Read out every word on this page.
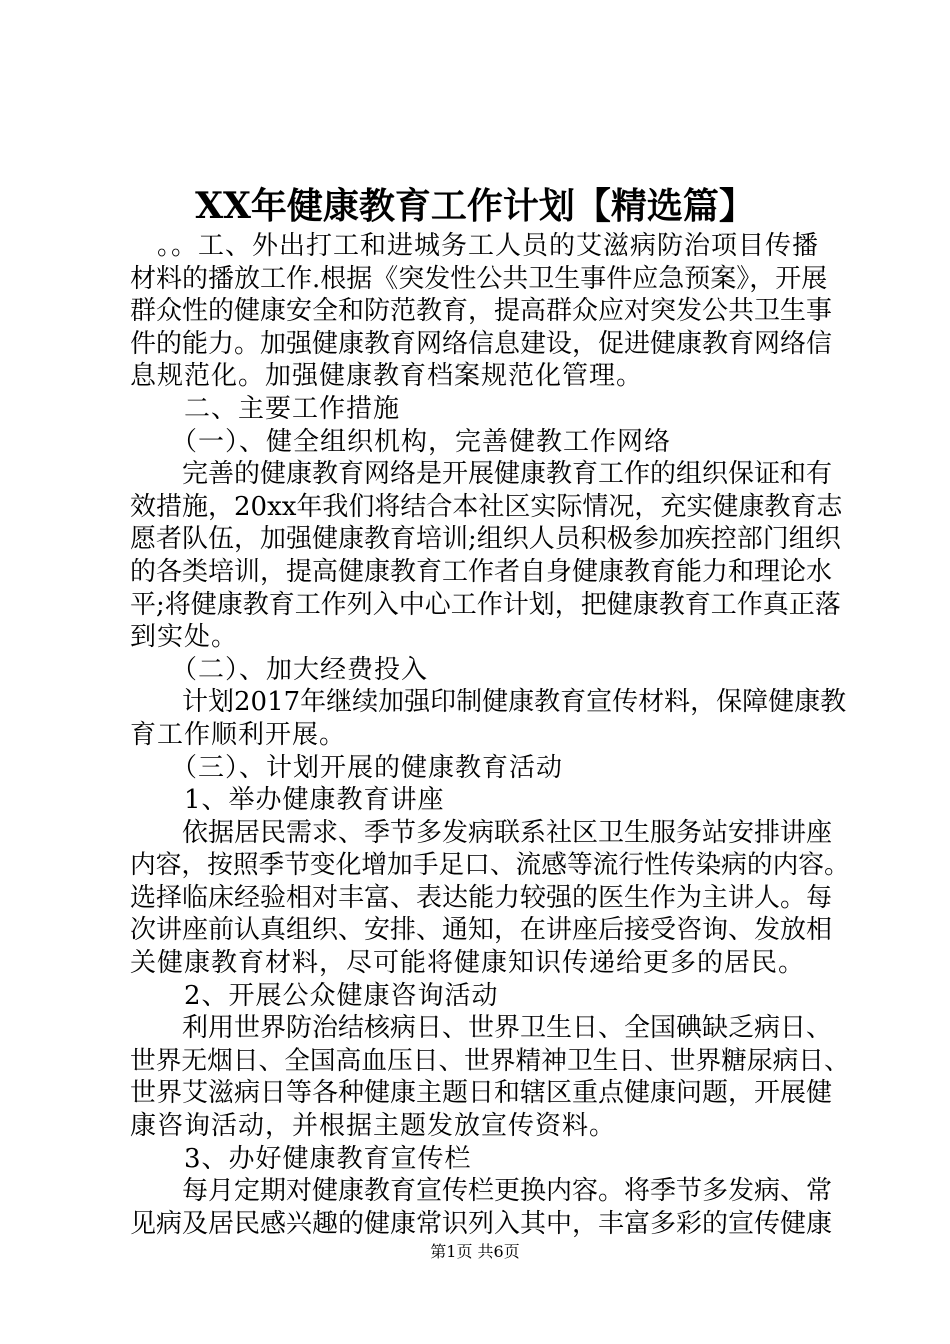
XX年健康教育工作计划【精选篇】
　。。工、外出打工和进城务工人员的艾滋病防治项目传播
材料的播放工作.根据《突发性公共卫生事件应急预案》，开展
群众性的健康安全和防范教育，提高群众应对突发公共卫生事
件的能力。加强健康教育网络信息建设，促进健康教育网络信
息规范化。加强健康教育档案规范化管理。
　　二、主要工作措施
　　（一）、健全组织机构，完善健教工作网络
　　完善的健康教育网络是开展健康教育工作的组织保证和有
效措施，20xx年我们将结合本社区实际情况，充实健康教育志
愿者队伍，加强健康教育培训;组织人员积极参加疾控部门组织
的各类培训，提高健康教育工作者自身健康教育能力和理论水
平;将健康教育工作列入中心工作计划，把健康教育工作真正落
到实处。
　　（二）、加大经费投入
　　计划2017年继续加强印制健康教育宣传材料，保障健康教
育工作顺利开展。
　　（三）、计划开展的健康教育活动
　　1、举办健康教育讲座
　　依据居民需求、季节多发病联系社区卫生服务站安排讲座
内容，按照季节变化增加手足口、流感等流行性传染病的内容。
选择临床经验相对丰富、表达能力较强的医生作为主讲人。每
次讲座前认真组织、安排、通知，在讲座后接受咨询、发放相
关健康教育材料，尽可能将健康知识传递给更多的居民。
　　2、开展公众健康咨询活动
　　利用世界防治结核病日、世界卫生日、全国碘缺乏病日、
世界无烟日、全国高血压日、世界精神卫生日、世界糖尿病日、
世界艾滋病日等各种健康主题日和辖区重点健康问题，开展健
康咨询活动，并根据主题发放宣传资料。
　　3、办好健康教育宣传栏
　　每月定期对健康教育宣传栏更换内容。将季节多发病、常
见病及居民感兴趣的健康常识列入其中，丰富多彩的宣传健康
第1页 共6页
